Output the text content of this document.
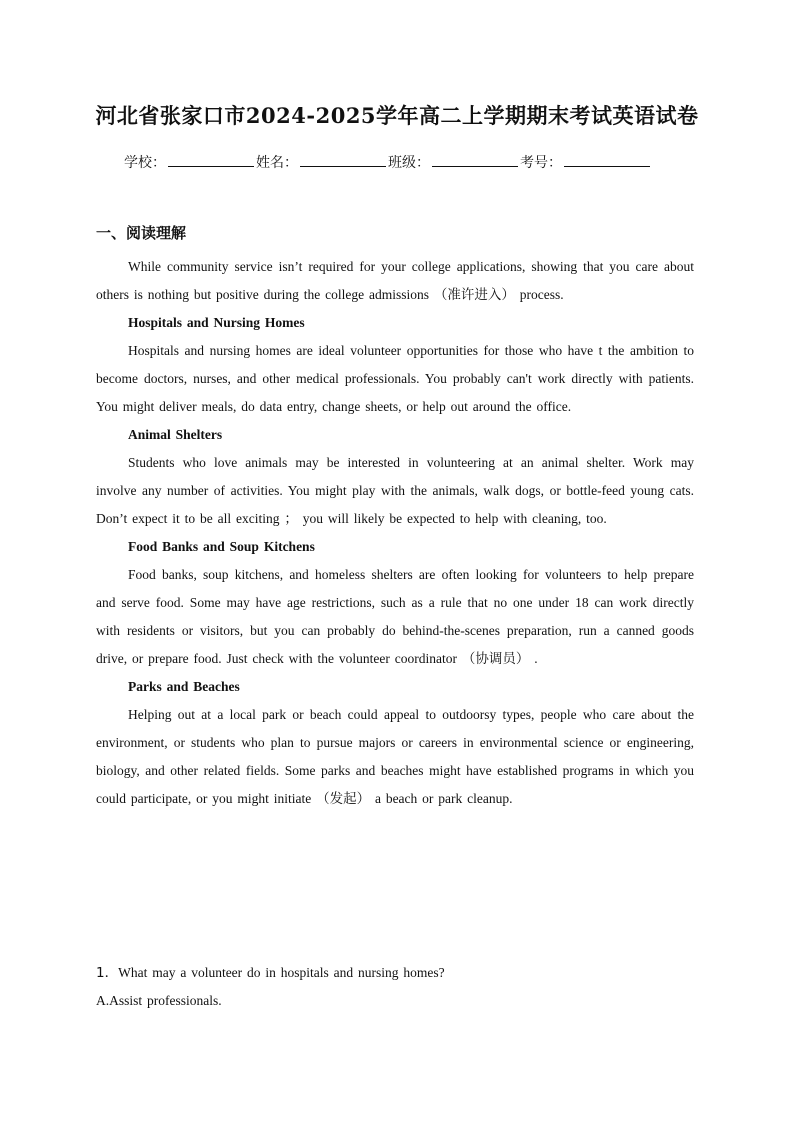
河北省张家口市2024-2025学年高二上学期期末考试英语试卷
学校：	姓名：	班级：	考号：
一、阅读理解

While community service isn’t required for your college applications, showing that you care about others is nothing but positive during the college admissions （准许进入） process.

Hospitals and Nursing Homes

Hospitals and nursing homes are ideal volunteer opportunities for those who have t the ambition to become doctors, nurses, and other medical professionals. You probably can't work directly with patients. You might deliver meals, do data entry, change sheets, or help out around the office.

Animal Shelters

Students who love animals may be interested in volunteering at an animal shelter. Work may involve any number of activities. You might play with the animals, walk dogs, or bottle-feed young cats. Don’t expect it to be all exciting ； you will likely be expected to help with cleaning, too.

Food Banks and Soup Kitchens

Food banks, soup kitchens, and homeless shelters are often looking for volunteers to help prepare and serve food. Some may have age restrictions, such as a rule that no one under 18 can work directly with residents or visitors, but you can probably do behind-the-scenes preparation, run a canned goods drive, or prepare food. Just check with the volunteer coordinator （协调员） .

Parks and Beaches

Helping out at a local park or beach could appeal to outdoorsy types, people who care about the environment, or students who plan to pursue majors or careers in environmental science or engineering, biology, and other related fields. Some parks and beaches might have established programs in which you could participate, or you might initiate （发起） a beach or park cleanup.

1．What may a volunteer do in hospitals and nursing homes?

A.Assist professionals.
